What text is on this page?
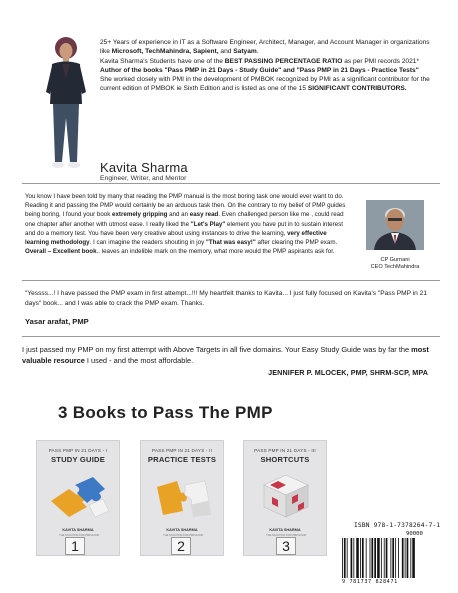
25+ Years of experience in IT as a Software Engineer, Architect, Manager, and Account Manager in organizations like Microsoft, TechMahindra, Sapient, and Satyam.

Kavita Sharma's Students have one of the BEST PASSING PERCENTAGE RATIO as per PMI records 2021*

Author of the books "Pass PMP in 21 Days - Study Guide" and "Pass PMP in 21 Days - Practice Tests"

She worked closely with PMI in the development of PMBOK recognized by PMI as a significant contributor for the current edition of PMBOK ie Sixth Edition and is listed as one of the 15 SIGNIFICANT CONTRIBUTORS.

Kavita Sharma
Engineer, Writer, and Mentor

You know I have been told by many that reading the PMP manual is the most boring task one would ever want to do. Reading it and passing the PMP would certainly be an arduous task then. On the contrary to my belief of PMP guides being boring, I found your book extremely gripping and an easy read. Even challenged person like me , could read one chapter after another with utmost ease. I really liked the "Let's Play" element you have put in to sustain interest and do a memory test. You have been very creative about using instances to drive the learning, very effective learning methodology. I can imagine the readers shouting in joy "That was easy!" after clearing the PMP exam. Overall – Excellent book.. leaves an indelible mark on the memory, what more would the PMP aspirants ask for.

CP Gurnani
CEO TechMahindra

"Yessss...! I have passed the PMP exam in first attempt...!!! My heartfelt thanks to Kavita... I just fully focused on Kavita's "Pass PMP in 21 days" book... and I was able to crack the PMP exam. Thanks.

Yasar arafat, PMP

I just passed my PMP on my first attempt with Above Targets in all five domains. Your Easy Study Guide was by far the most valuable resource I used - and the most affordable.

JENNIFER P. MLOCEK, PMP, SHRM-SCP, MPA
3 Books to Pass The PMP
PASS PMP IN 21 DAYS - I
STUDY GUIDE
KAVITA SHARMA
THE SOLUTION FOR PMP EXAM
1
PASS PMP IN 21 DAYS - II
PRACTICE TESTS
KAVITA SHARMA
THE SOLUTION FOR PMP EXAM
2
PASS PMP IN 21 DAYS - III
SHORTCUTS
KAVITA SHARMA
THE SOLUTION FOR PMP EXAM
3
ISBN 978-1-7378264-7-1
90000
9 781737 828471
